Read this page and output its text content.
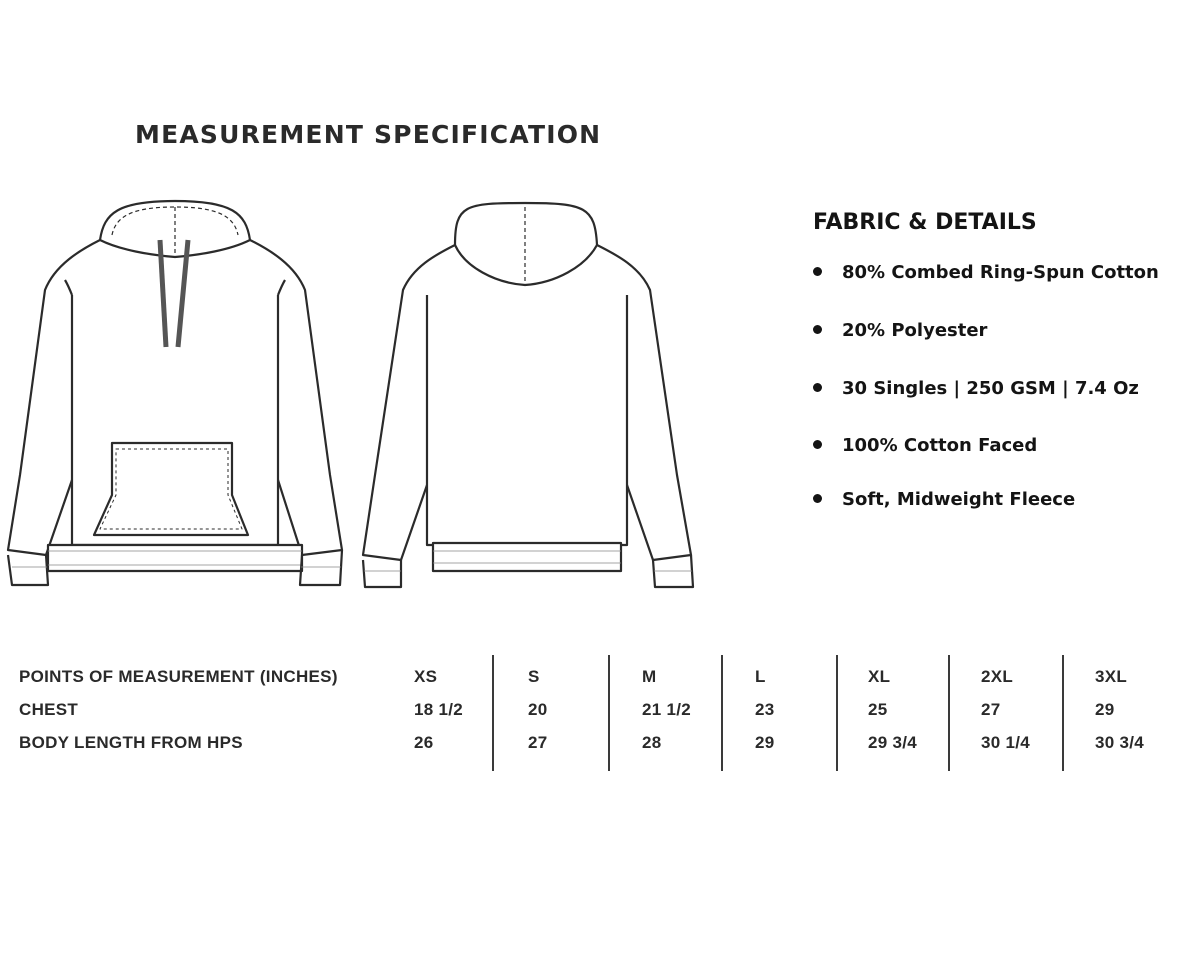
MEASUREMENT SPECIFICATION
FABRIC & DETAILS
80% Combed Ring-Spun Cotton
20% Polyester
30 Singles | 250 GSM | 7.4 Oz
100% Cotton Faced
Soft, Midweight Fleece
POINTS OF MEASUREMENT (INCHES)	XS	S	M	L	XL	2XL	3XL
CHEST	18 1/2	20	21 1/2	23	25	27	29
BODY LENGTH FROM HPS	26	27	28	29	29 3/4	30 1/4	30 3/4
